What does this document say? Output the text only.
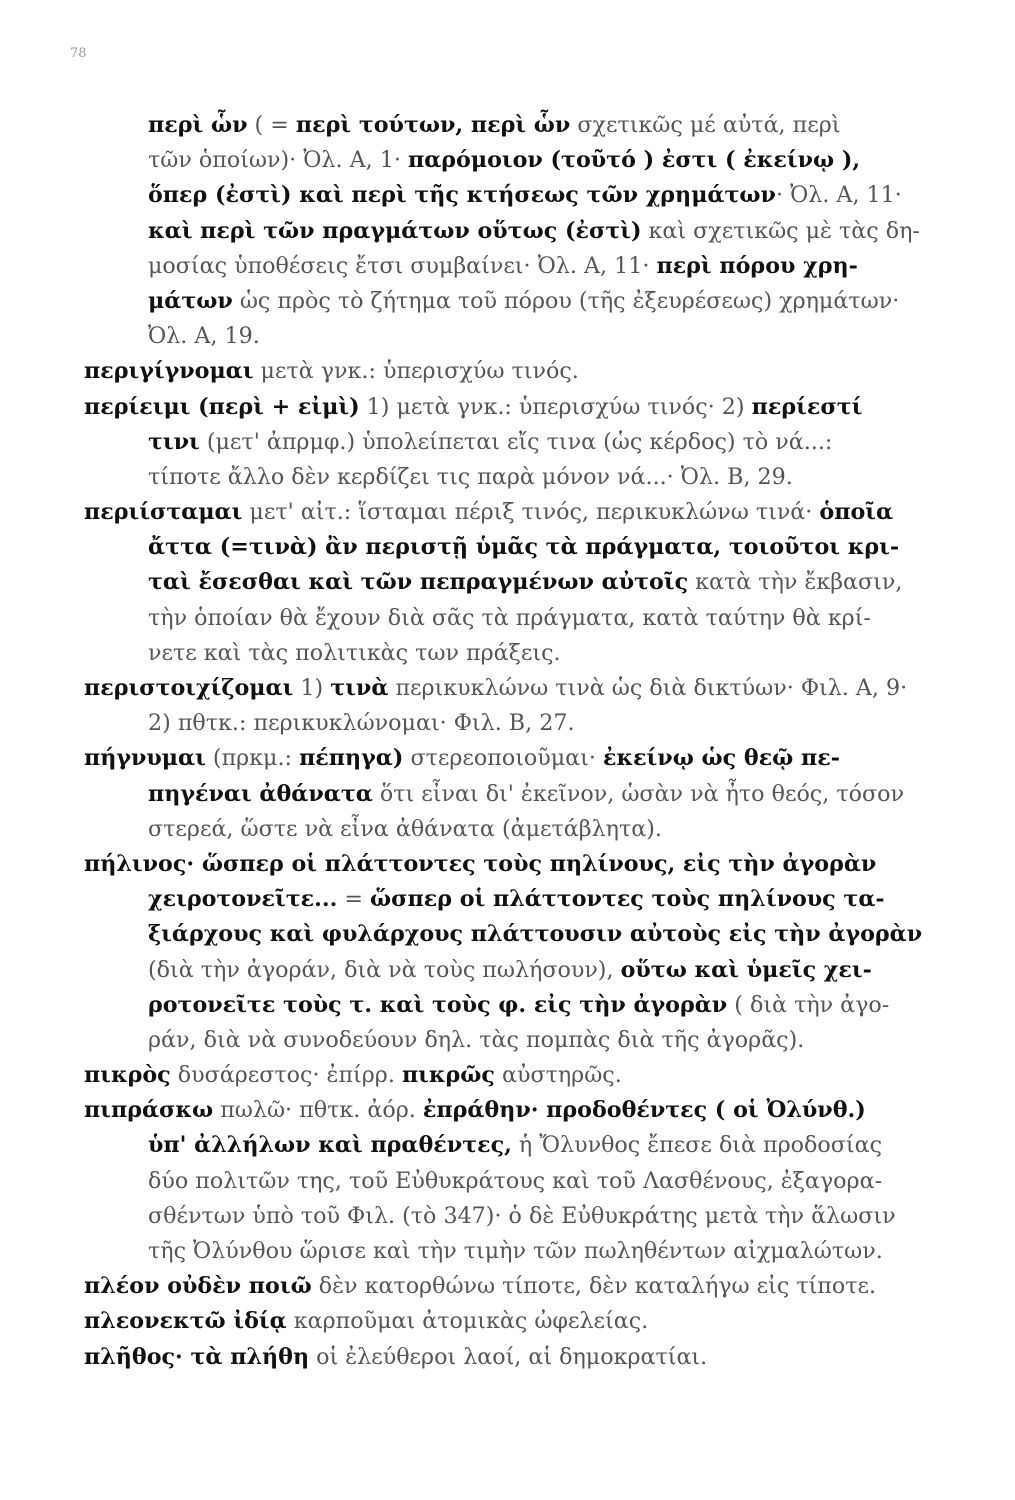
78
περὶ ὧν ( = περὶ τούτων, περὶ ὧν σχετικῶς μέ αὐτά, περὶ
τῶν ὁποίων)· Ὀλ. Α, 1· παρόμοιον (τοῦτό ) ἐστι ( ἐκείνῳ ),
ὅπερ (ἐστὶ) καὶ περὶ τῆς κτήσεως τῶν χρημάτων· Ὀλ. Α, 11·
καὶ περὶ τῶν πραγμάτων οὕτως (ἐστὶ) καὶ σχετικῶς μὲ τὰς δη-
μοσίας ὑποθέσεις ἔτσι συμβαίνει· Ὀλ. Α, 11· περὶ πόρου χρη-
μάτων ὡς πρὸς τὸ ζήτημα τοῦ πόρου (τῆς ἐξευρέσεως) χρημάτων·
Ὀλ. Α, 19.
περιγίγνομαι μετὰ γνκ.: ὑπερισχύω τινός.
περίειμι (περὶ + εἰμὶ) 1) μετὰ γνκ.: ὑπερισχύω τινός· 2) περίεστί
τινι (μετ' ἀπρμφ.) ὑπολείπεται εἴς τινα (ὡς κέρδος) τὸ νά...:
τίποτε ἄλλο δὲν κερδίζει τις παρὰ μόνον νά...· Ὀλ. Β, 29.
περιίσταμαι μετ' αἰτ.: ἵσταμαι πέριξ τινός, περικυκλώνω τινά· ὁποῖα
ἄττα (=τινὰ) ἂν περιστῇ ὑμᾶς τὰ πράγματα, τοιοῦτοι κρι-
ταὶ ἔσεσθαι καὶ τῶν πεπραγμένων αὐτοῖς κατὰ τὴν ἔκβασιν,
τὴν ὁποίαν θὰ ἔχουν διὰ σᾶς τὰ πράγματα, κατὰ ταύτην θὰ κρί-
νετε καὶ τὰς πολιτικὰς των πράξεις.
περιστοιχίζομαι 1) τινὰ περικυκλώνω τινὰ ὡς διὰ δικτύων· Φιλ. Α, 9·
2) πθτκ.: περικυκλώνομαι· Φιλ. Β, 27.
πήγνυμαι (πρκμ.: πέπηγα) στερεοποιοῦμαι· ἐκείνῳ ὡς θεῷ πε-
πηγέναι ἀθάνατα ὅτι εἶναι δι' ἐκεῖνον, ὡσὰν νὰ ἦτο θεός, τόσον
στερεά, ὥστε νὰ εἶνα ἀθάνατα (ἀμετάβλητα).
πήλινος· ὥσπερ οἱ πλάττοντες τοὺς πηλίνους, εἰς τὴν ἀγορὰν
χειροτονεῖτε... = ὥσπερ οἱ πλάττοντες τοὺς πηλίνους τα-
ξιάρχους καὶ φυλάρχους πλάττουσιν αὐτοὺς εἰς τὴν ἀγορὰν
(διὰ τὴν ἀγοράν, διὰ νὰ τοὺς πωλήσουν), οὕτω καὶ ὑμεῖς χει-
ροτονεῖτε τοὺς τ. καὶ τοὺς φ. εἰς τὴν ἀγορὰν ( διὰ τὴν ἀγο-
ράν, διὰ νὰ συνοδεύουν δηλ. τὰς πομπὰς διὰ τῆς ἀγορᾶς).
πικρὸς δυσάρεστος· ἐπίρρ. πικρῶς αὐστηρῶς.
πιπράσκω πωλῶ· πθτκ. ἀόρ. ἐπράθην· προδοθέντες ( οἱ Ὀλύνθ.)
ὑπ' ἀλλήλων καὶ πραθέντες, ἡ Ὄλυνθος ἔπεσε διὰ προδοσίας
δύο πολιτῶν της, τοῦ Εὐθυκράτους καὶ τοῦ Λασθένους, ἐξαγορα-
σθέντων ὑπὸ τοῦ Φιλ. (τὸ 347)· ὁ δὲ Εὐθυκράτης μετὰ τὴν ἅλωσιν
τῆς Ὀλύνθου ὥρισε καὶ τὴν τιμὴν τῶν πωληθέντων αἰχμαλώτων.
πλέον οὐδὲν ποιῶ δὲν κατορθώνω τίποτε, δὲν καταλήγω εἰς τίποτε.
πλεονεκτῶ ἰδίᾳ καρποῦμαι ἀτομικὰς ὠφελείας.
πλῆθος· τὰ πλήθη οἱ ἐλεύθεροι λαοί, αἱ δημοκρατίαι.
